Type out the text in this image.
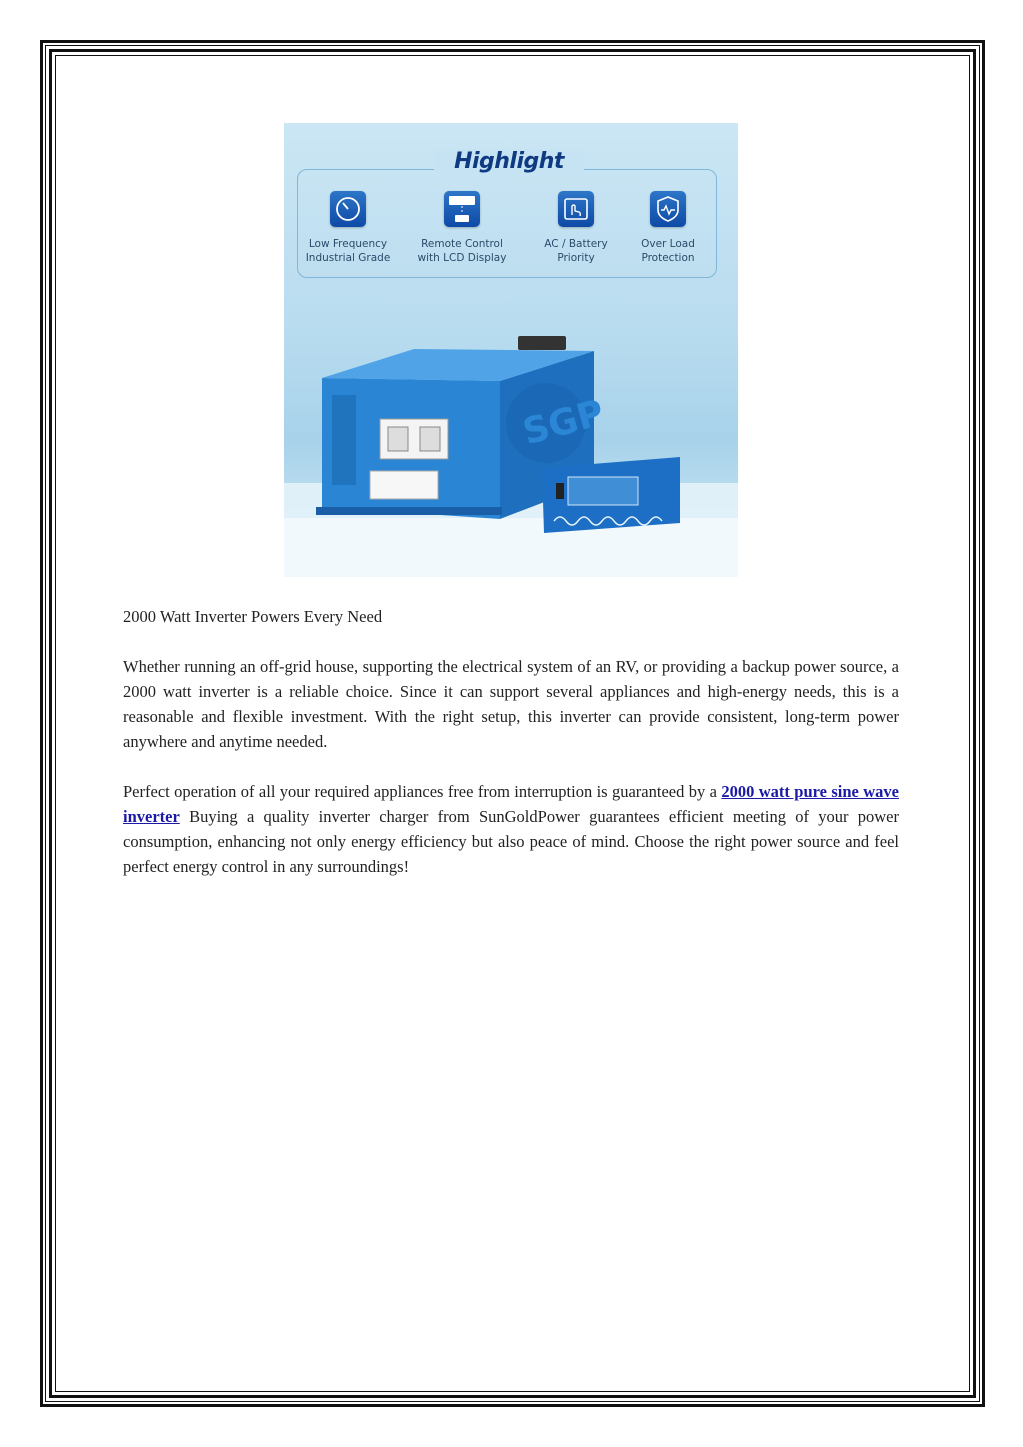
SGP
Highlight
Low Frequency
Industrial Grade
Remote Control
with LCD Display
AC / Battery
Priority
Over Load
Protection
2000 Watt Inverter Powers Every Need
Whether running an off-grid house, supporting the electrical system of an RV, or providing a backup power source, a 2000 watt inverter is a reliable choice. Since it can support several appliances and high-energy needs, this is a reasonable and flexible investment. With the right setup, this inverter can provide consistent, long-term power anywhere and anytime needed.
Perfect operation of all your required appliances free from interruption is guaranteed by a 2000 watt pure sine wave inverter Buying a quality inverter charger from SunGoldPower guarantees efficient meeting of your power consumption, enhancing not only energy efficiency but also peace of mind. Choose the right power source and feel perfect energy control in any surroundings!
